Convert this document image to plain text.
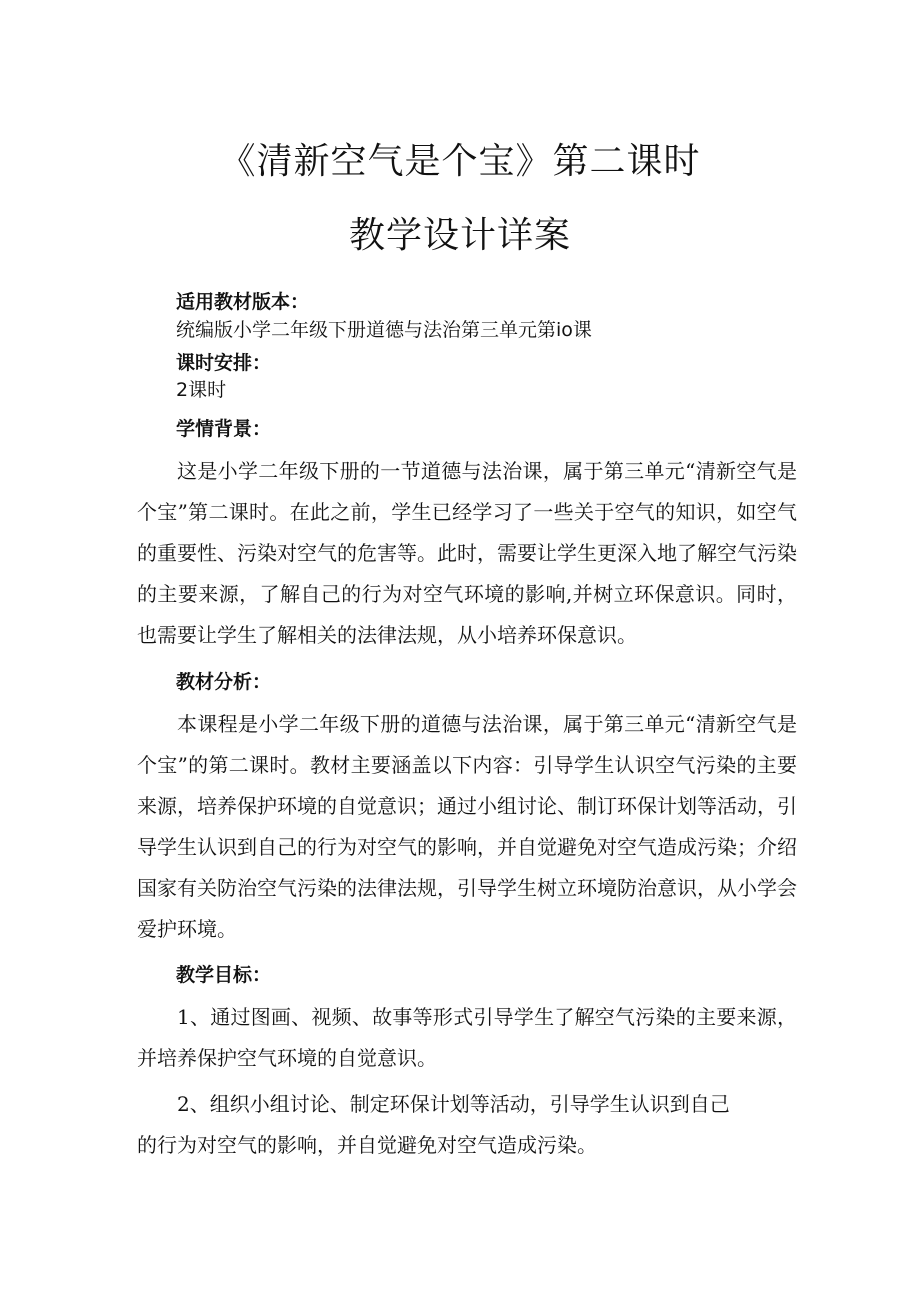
《清新空气是个宝》第二课时
教学设计详案
适用教材版本：
统编版小学二年级下册道德与法治第三单元第io课
课时安排：
2课时
学情背景：

这是小学二年级下册的一节道德与法治课，属于第三单元“清新空气是个宝”第二课时。在此之前，学生已经学习了一些关于空气的知识，如空气的重要性、污染对空气的危害等。此时，需要让学生更深入地了解空气污染的主要来源，了解自己的行为对空气环境的影响,并树立环保意识。同时，也需要让学生了解相关的法律法规，从小培养环保意识。

教材分析：

本课程是小学二年级下册的道德与法治课，属于第三单元“清新空气是个宝”的第二课时。教材主要涵盖以下内容：引导学生认识空气污染的主要来源，培养保护环境的自觉意识；通过小组讨论、制订环保计划等活动，引导学生认识到自己的行为对空气的影响，并自觉避免对空气造成污染；介绍国家有关防治空气污染的法律法规，引导学生树立环境防治意识，从小学会爱护环境。

教学目标：

1、通过图画、视频、故事等形式引导学生了解空气污染的主要来源，并培养保护空气环境的自觉意识。

2、组织小组讨论、制定环保计划等活动，引导学生认识到自己
的行为对空气的影响，并自觉避免对空气造成污染。
